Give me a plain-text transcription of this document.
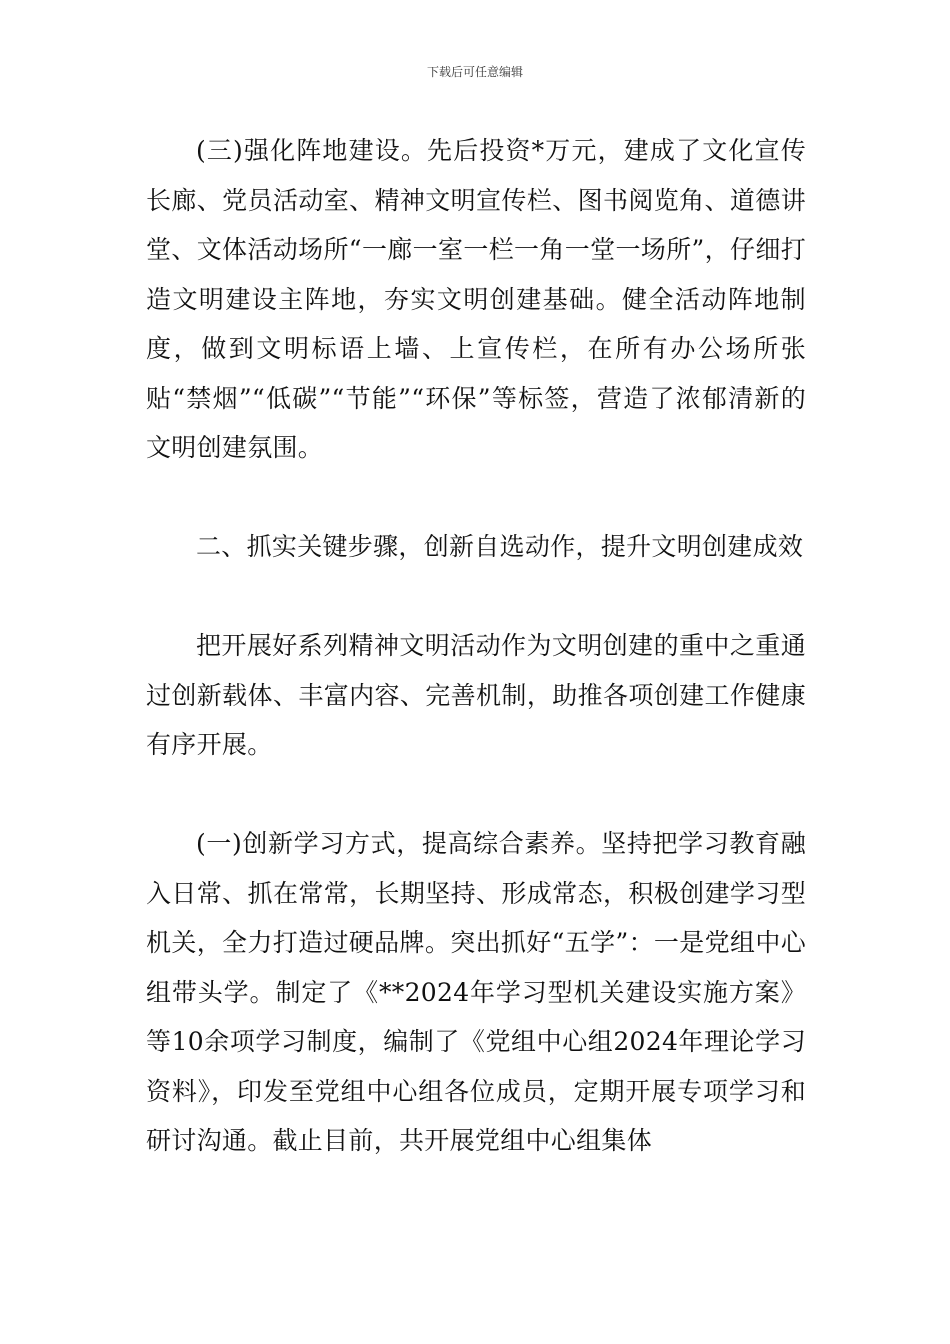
下载后可任意编辑

(三)强化阵地建设。先后投资*万元，建成了文化宣传长廊、党员活动室、精神文明宣传栏、图书阅览角、道德讲堂、文体活动场所“一廊一室一栏一角一堂一场所”，仔细打造文明建设主阵地，夯实文明创建基础。健全活动阵地制度，做到文明标语上墙、上宣传栏，在所有办公场所张贴“禁烟”“低碳”“节能”“环保”等标签，营造了浓郁清新的文明创建氛围。

二、抓实关键步骤，创新自选动作，提升文明创建成效

把开展好系列精神文明活动作为文明创建的重中之重通过创新载体、丰富内容、完善机制，助推各项创建工作健康有序开展。

(一)创新学习方式，提高综合素养。坚持把学习教育融入日常、抓在常常，长期坚持、形成常态，积极创建学习型机关，全力打造过硬品牌。突出抓好“五学”：一是党组中心组带头学。制定了《**2024年学习型机关建设实施方案》等10余项学习制度，编制了《党组中心组2024年理论学习资料》，印发至党组中心组各位成员，定期开展专项学习和研讨沟通。截止目前，共开展党组中心组集体
